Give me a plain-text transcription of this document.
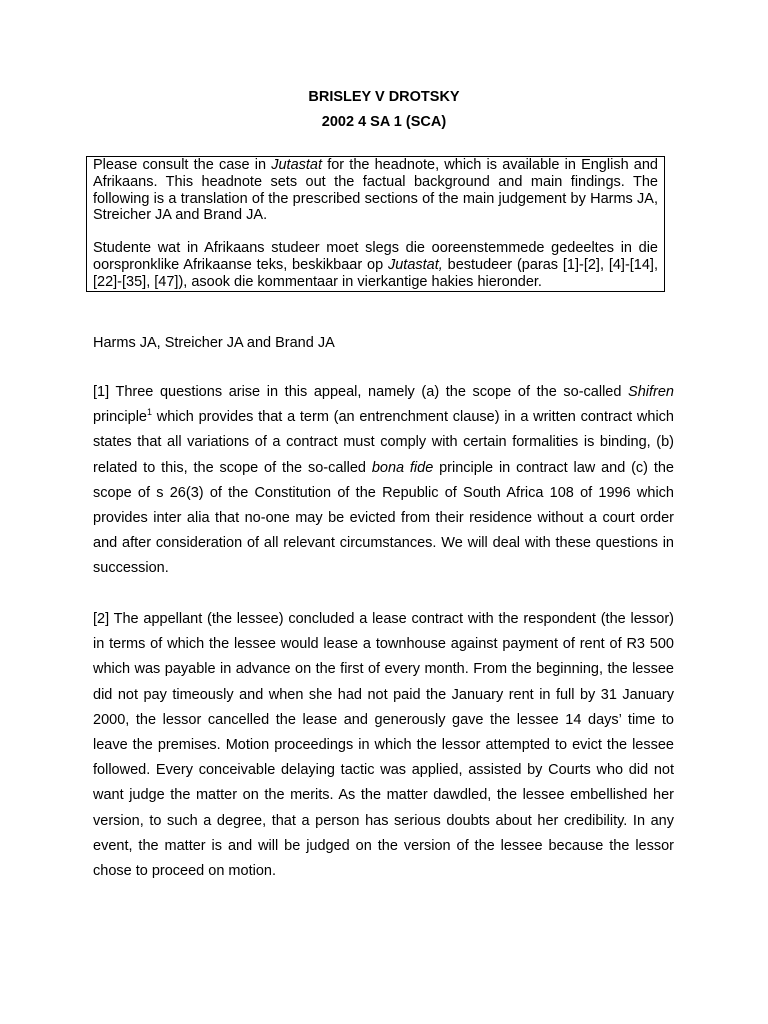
BRISLEY V DROTSKY
2002 4 SA 1 (SCA)

Please consult the case in Jutastat for the headnote, which is available in English and Afrikaans. This headnote sets out the factual background and main findings. The following is a translation of the prescribed sections of the main judgement by Harms JA, Streicher JA and Brand JA.

Studente wat in Afrikaans studeer moet slegs die ooreenstemmede gedeeltes in die oorspronklike Afrikaanse teks, beskikbaar op Jutastat, bestudeer (paras [1]-[2], [4]-[14], [22]-[35], [47]), asook die kommentaar in vierkantige hakies hieronder.

Harms JA, Streicher JA and Brand JA

[1] Three questions arise in this appeal, namely (a) the scope of the so-called Shifren principle$^1$ which provides that a term (an entrenchment clause) in a written contract which states that all variations of a contract must comply with certain formalities is binding, (b) related to this, the scope of the so-called bona fide principle in contract law and (c) the scope of s 26(3) of the Constitution of the Republic of South Africa 108 of 1996 which provides inter alia that no-one may be evicted from their residence without a court order and after consideration of all relevant circumstances. We will deal with these questions in succession.

[2] The appellant (the lessee) concluded a lease contract with the respondent (the lessor) in terms of which the lessee would lease a townhouse against payment of rent of R3 500 which was payable in advance on the first of every month. From the beginning, the lessee did not pay timeously and when she had not paid the January rent in full by 31 January 2000, the lessor cancelled the lease and generously gave the lessee 14 days’ time to leave the premises. Motion proceedings in which the lessor attempted to evict the lessee followed. Every conceivable delaying tactic was applied, assisted by Courts who did not want judge the matter on the merits. As the matter dawdled, the lessee embellished her version, to such a degree, that a person has serious doubts about her credibility. In any event, the matter is and will be judged on the version of the lessee because the lessor chose to proceed on motion.
